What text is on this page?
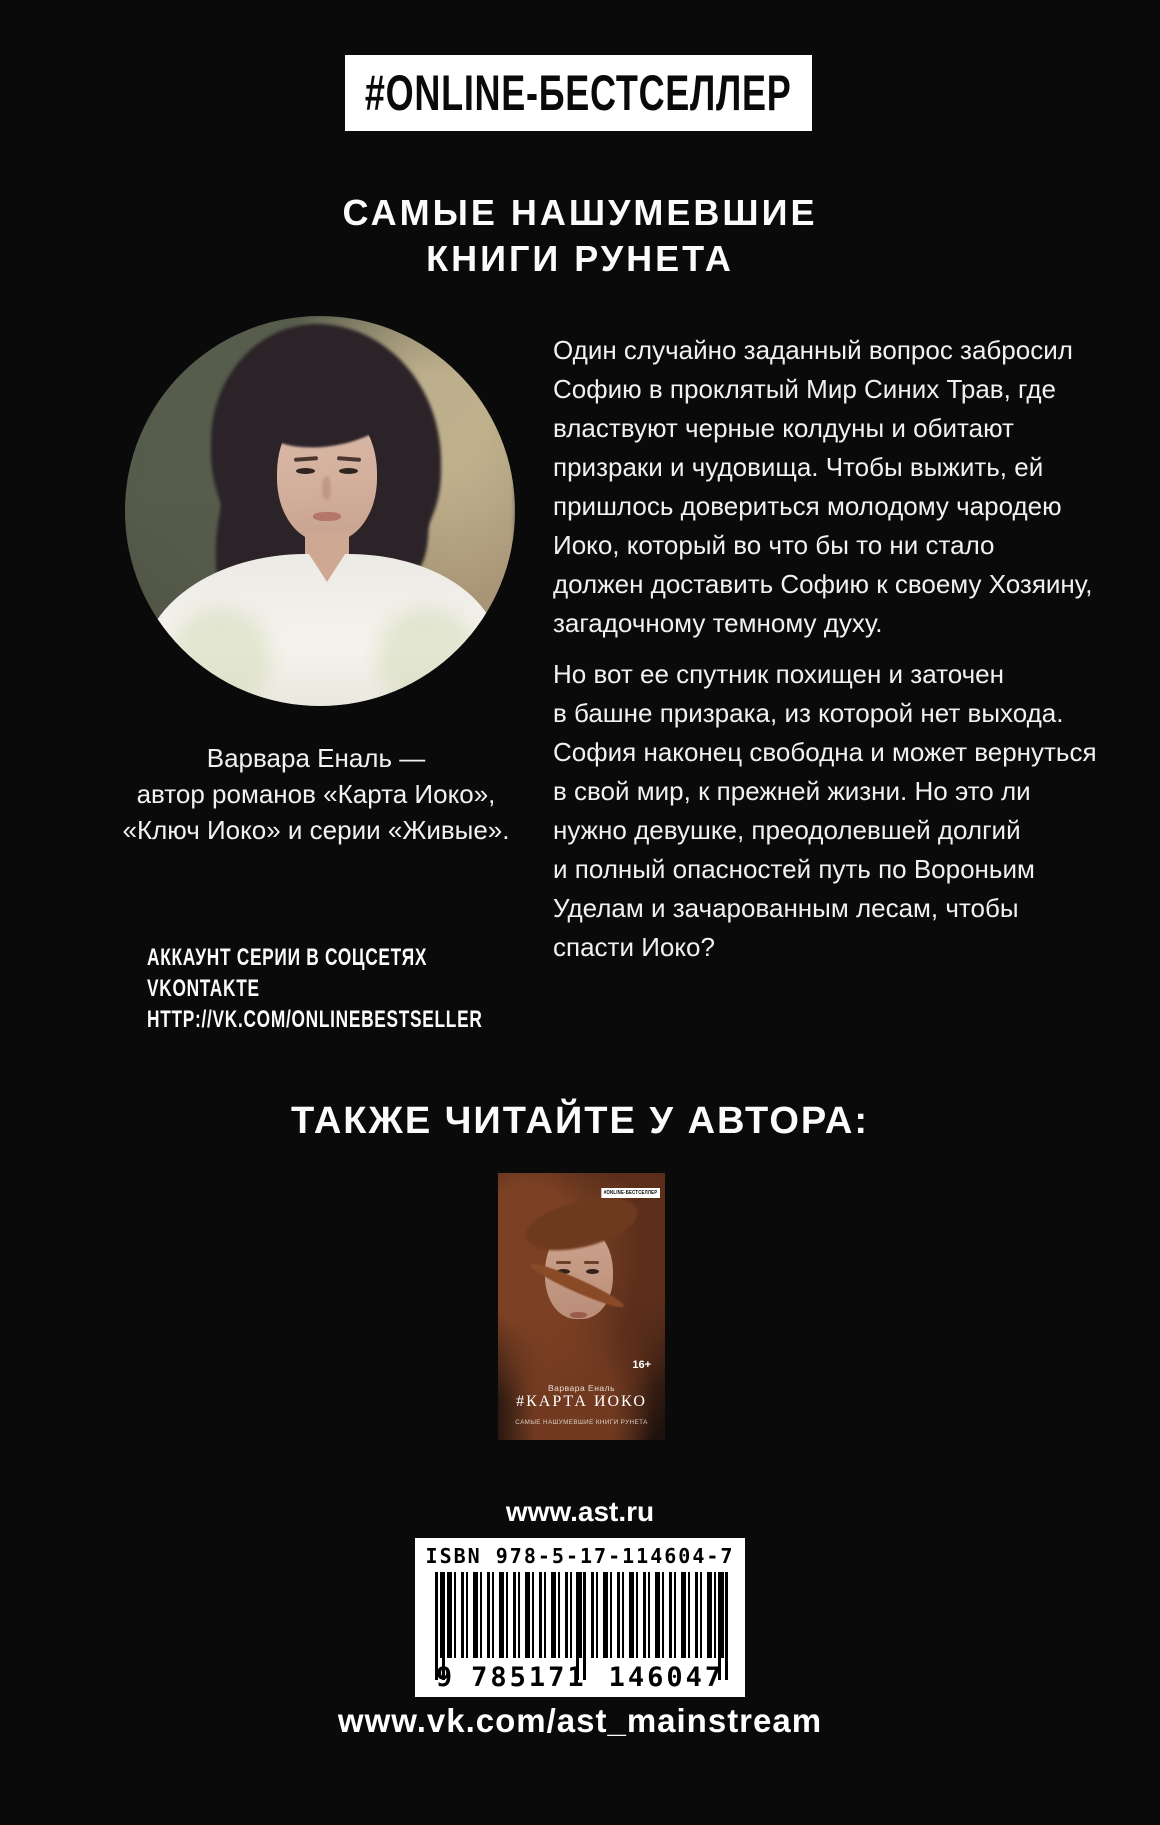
#ONLINE-БЕСТСЕЛЛЕР
САМЫЕ НАШУМЕВШИЕ
КНИГИ РУНЕТА
Один случайно заданный вопрос забросил
Софию в проклятый Мир Синих Трав, где
властвуют черные колдуны и обитают
призраки и чудовища. Чтобы выжить, ей
пришлось довериться молодому чародею
Иоко, который во что бы то ни стало
должен доставить Софию к своему Хозяину,
загадочному темному духу.
Но вот ее спутник похищен и заточен
в башне призрака, из которой нет выхода.
София наконец свободна и может вернуться
в свой мир, к прежней жизни. Но это ли
нужно девушке, преодолевшей долгий
и полный опасностей путь по Вороньим
Уделам и зачарованным лесам, чтобы
спасти Иоко?
Варвара Еналь —
автор романов «Карта Иоко»,
«Ключ Иоко» и серии «Живые».
АККАУНТ СЕРИИ В СОЦСЕТЯХ
VKONTAKTE
HTTP://VK.COM/ONLINEBESTSELLER
ТАКЖЕ ЧИТАЙТЕ У АВТОРА:
#ONLINE-БЕСТСЕЛЛЕР
16+
Варвара Еналь
#КАРТА ИОКО
САМЫЕ НАШУМЕВШИЕ КНИГИ РУНЕТА
www.ast.ru
ISBN 978-5-17-114604-7
9 785171 146047
www.vk.com/ast_mainstream
